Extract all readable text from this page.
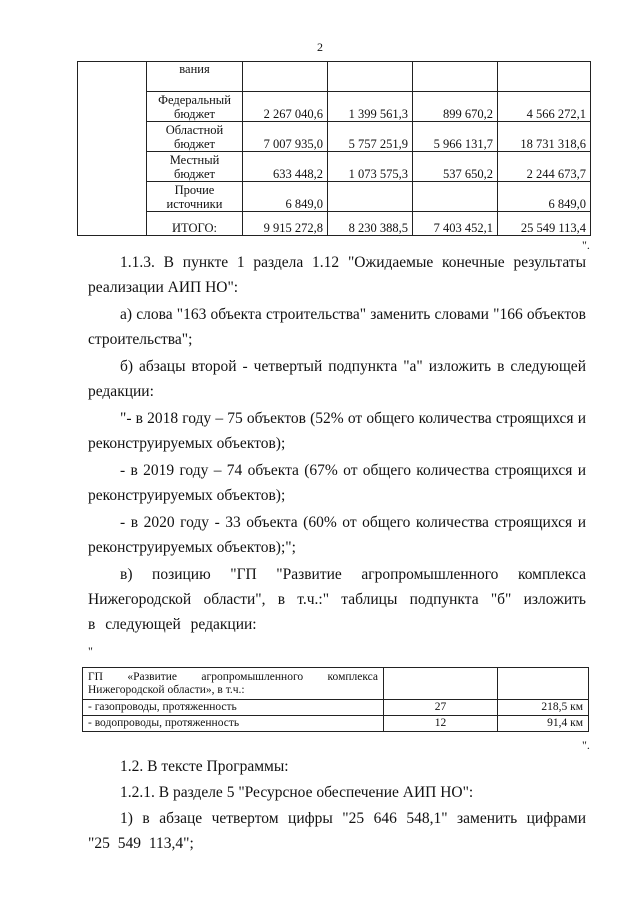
2
	вания				
	Федеральный бюджет	2 267 040,6	1 399 561,3	899 670,2	4 566 272,1
	Областной бюджет	7 007 935,0	5 757 251,9	5 966 131,7	18 731 318,6
	Местный бюджет	633 448,2	1 073 575,3	537 650,2	2 244 673,7
	Прочие источники	6 849,0			6 849,0
	ИТОГО:	9 915 272,8	8 230 388,5	7 403 452,1	25 549 113,4
".

1.1.3. В пункте 1 раздела 1.12 "Ожидаемые конечные результаты реализации АИП НО":

а) слова "163 объекта строительства" заменить словами "166 объектов строительства";

б) абзацы второй - четвертый подпункта "а" изложить в следующей редакции:

"- в 2018 году – 75 объектов (52% от общего количества строящихся и реконструируемых объектов);

- в 2019 году – 74 объекта (67% от общего количества строящихся и реконструируемых объектов);

- в 2020 году - 33 объекта (60% от общего количества строящихся и реконструируемых объектов);";

в) позицию "ГП "Развитие агропромышленного комплекса Нижегородской области", в т.ч.:" таблицы подпункта "б" изложить в следующей редакции:

"
ГП «Развитие агропромышленного комплекса Нижегородской области», в т.ч.:		
- газопроводы, протяженность	27	218,5 км
- водопроводы, протяженность	12	91,4 км
".

1.2. В тексте Программы:

1.2.1. В разделе 5 "Ресурсное обеспечение АИП НО":

1) в абзаце четвертом цифры "25 646 548,1" заменить цифрами "25 549 113,4";
